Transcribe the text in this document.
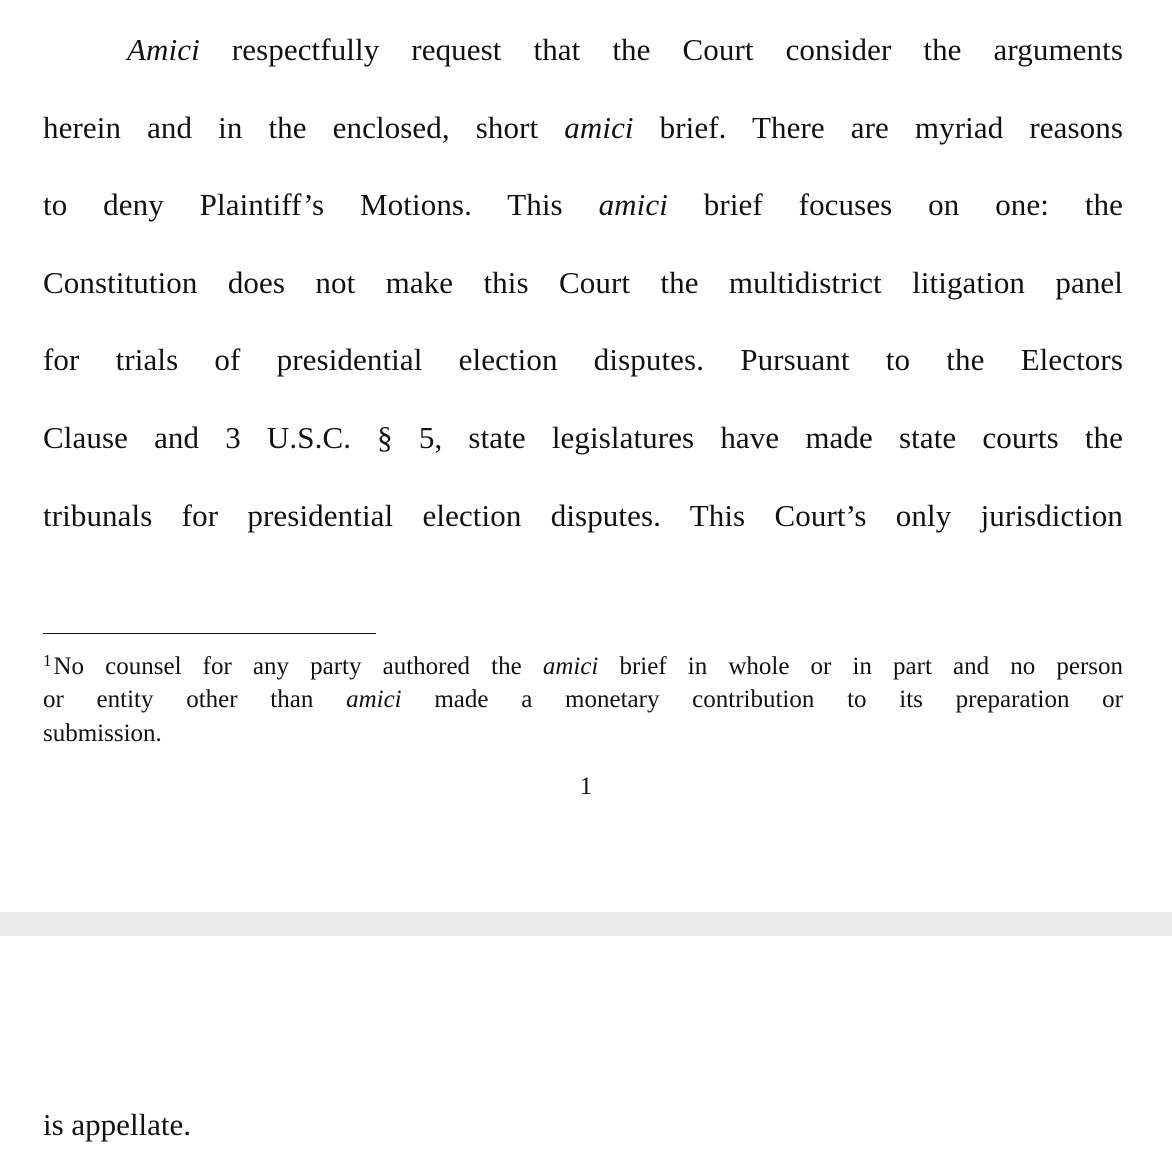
Amici respectfully request that the Court consider the arguments
herein and in the enclosed, short amici brief. There are myriad reasons
to deny Plaintiff’s Motions. This amici brief focuses on one: the
Constitution does not make this Court the multidistrict litigation panel
for trials of presidential election disputes. Pursuant to the Electors
Clause and 3 U.S.C. § 5, state legislatures have made state courts the
tribunals for presidential election disputes. This Court’s only jurisdiction
$^1$No counsel for any party authored the amici brief in whole or in part and no person
or entity other than amici made a monetary contribution to its preparation or
submission.
1
is appellate.
